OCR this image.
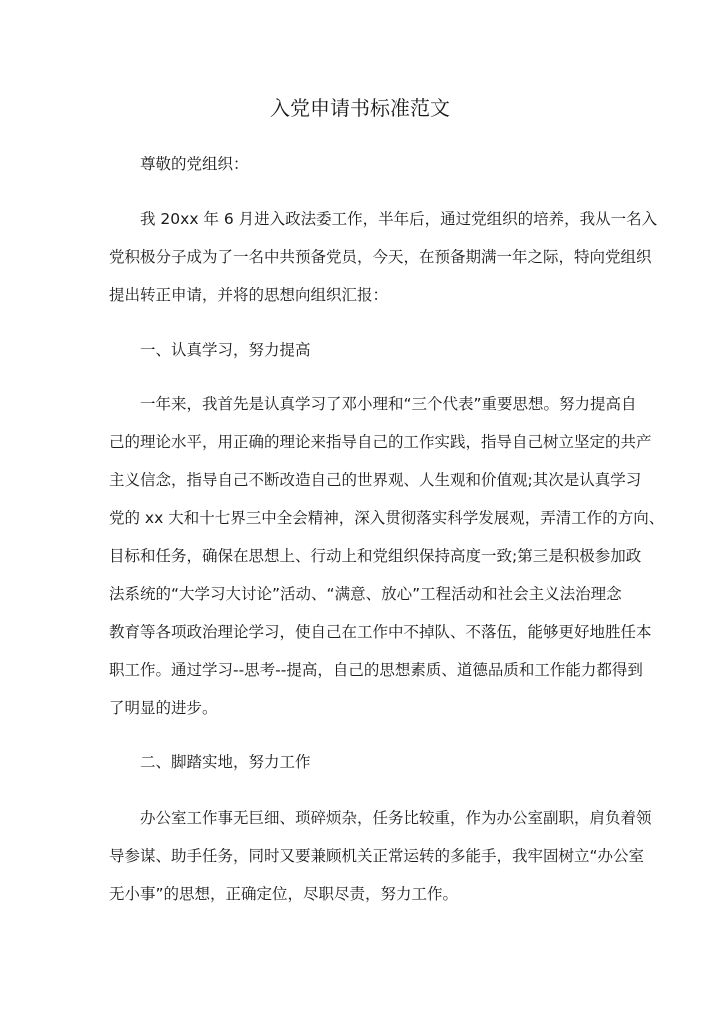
入党申请书标准范文
尊敬的党组织：
我 20xx 年 6 月进入政法委工作，半年后，通过党组织的培养，我从一名入
党积极分子成为了一名中共预备党员，今天，在预备期满一年之际，特向党组织
提出转正申请，并将的思想向组织汇报：
一、认真学习，努力提高
一年来，我首先是认真学习了邓小理和“三个代表”重要思想。努力提高自
己的理论水平，用正确的理论来指导自己的工作实践，指导自己树立坚定的共产
主义信念，指导自己不断改造自己的世界观、人生观和价值观;其次是认真学习
党的 xx 大和十七界三中全会精神，深入贯彻落实科学发展观，弄清工作的方向、
目标和任务，确保在思想上、行动上和党组织保持高度一致;第三是积极参加政
法系统的“大学习大讨论”活动、“满意、放心”工程活动和社会主义法治理念
教育等各项政治理论学习，使自己在工作中不掉队、不落伍，能够更好地胜任本
职工作。通过学习--思考--提高，自己的思想素质、道德品质和工作能力都得到
了明显的进步。
二、脚踏实地，努力工作
办公室工作事无巨细、琐碎烦杂，任务比较重，作为办公室副职，肩负着领
导参谋、助手任务，同时又要兼顾机关正常运转的多能手，我牢固树立“办公室
无小事”的思想，正确定位，尽职尽责，努力工作。
